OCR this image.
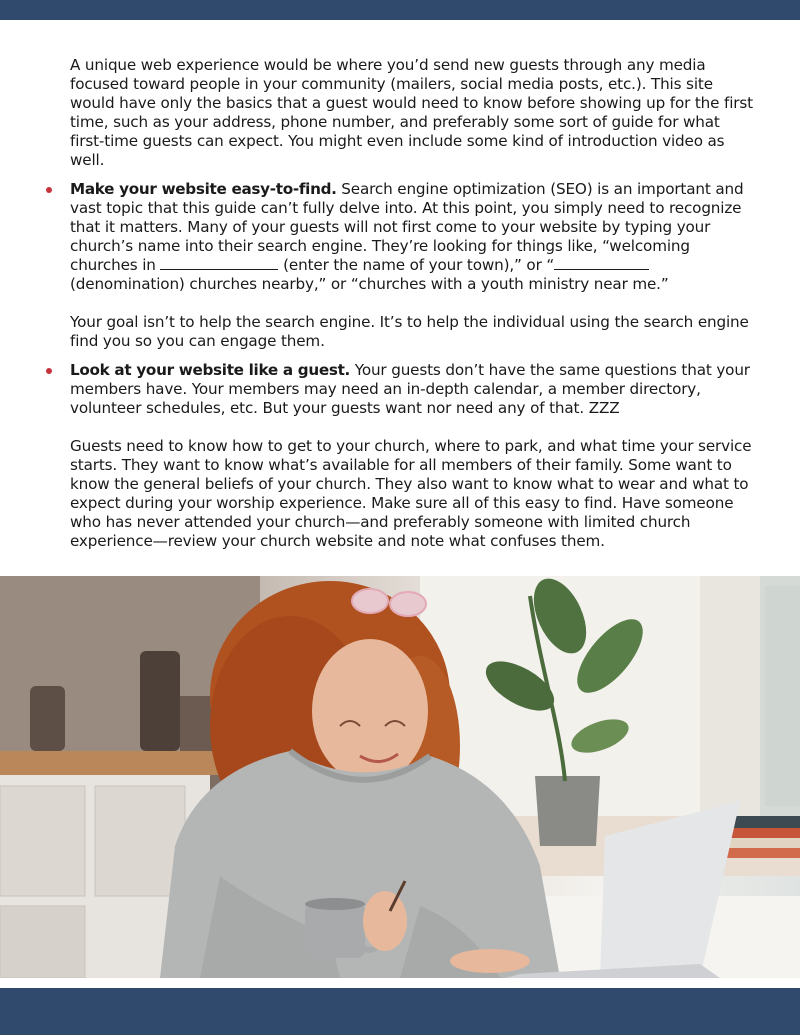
A unique web experience would be where you’d send new guests through any media focused toward people in your community (mailers, social media posts, etc.). This site would have only the basics that a guest would need to know before showing up for the first time, such as your address, phone number, and preferably some sort of guide for what first-time guests can expect. You might even include some kind of introduction video as well.

Make your website easy-to-find. Search engine optimization (SEO) is an important and vast topic that this guide can’t fully delve into. At this point, you simply need to recognize that it matters. Many of your guests will not first come to your website by typing your church’s name into their search engine. They’re looking for things like, “welcoming churches in	(enter the name of your town),” or “ (denomination) churches nearby,” or “churches with a youth ministry near me.”

Your goal isn’t to help the search engine. It’s to help the individual using the search engine find you so you can engage them.

Look at your website like a guest. Your guests don’t have the same questions that your members have. Your members may need an in-depth calendar, a member directory, volunteer schedules, etc. But your guests want nor need any of that. ZZZ

Guests need to know how to get to your church, where to park, and what time your service starts. They want to know what’s available for all members of their family. Some want to know the general beliefs of your church. They also want to know what to wear and what to expect during your worship experience. Make sure all of this easy to find. Have someone who has never attended your church—and preferably someone with limited church experience—review your church website and note what confuses them.
